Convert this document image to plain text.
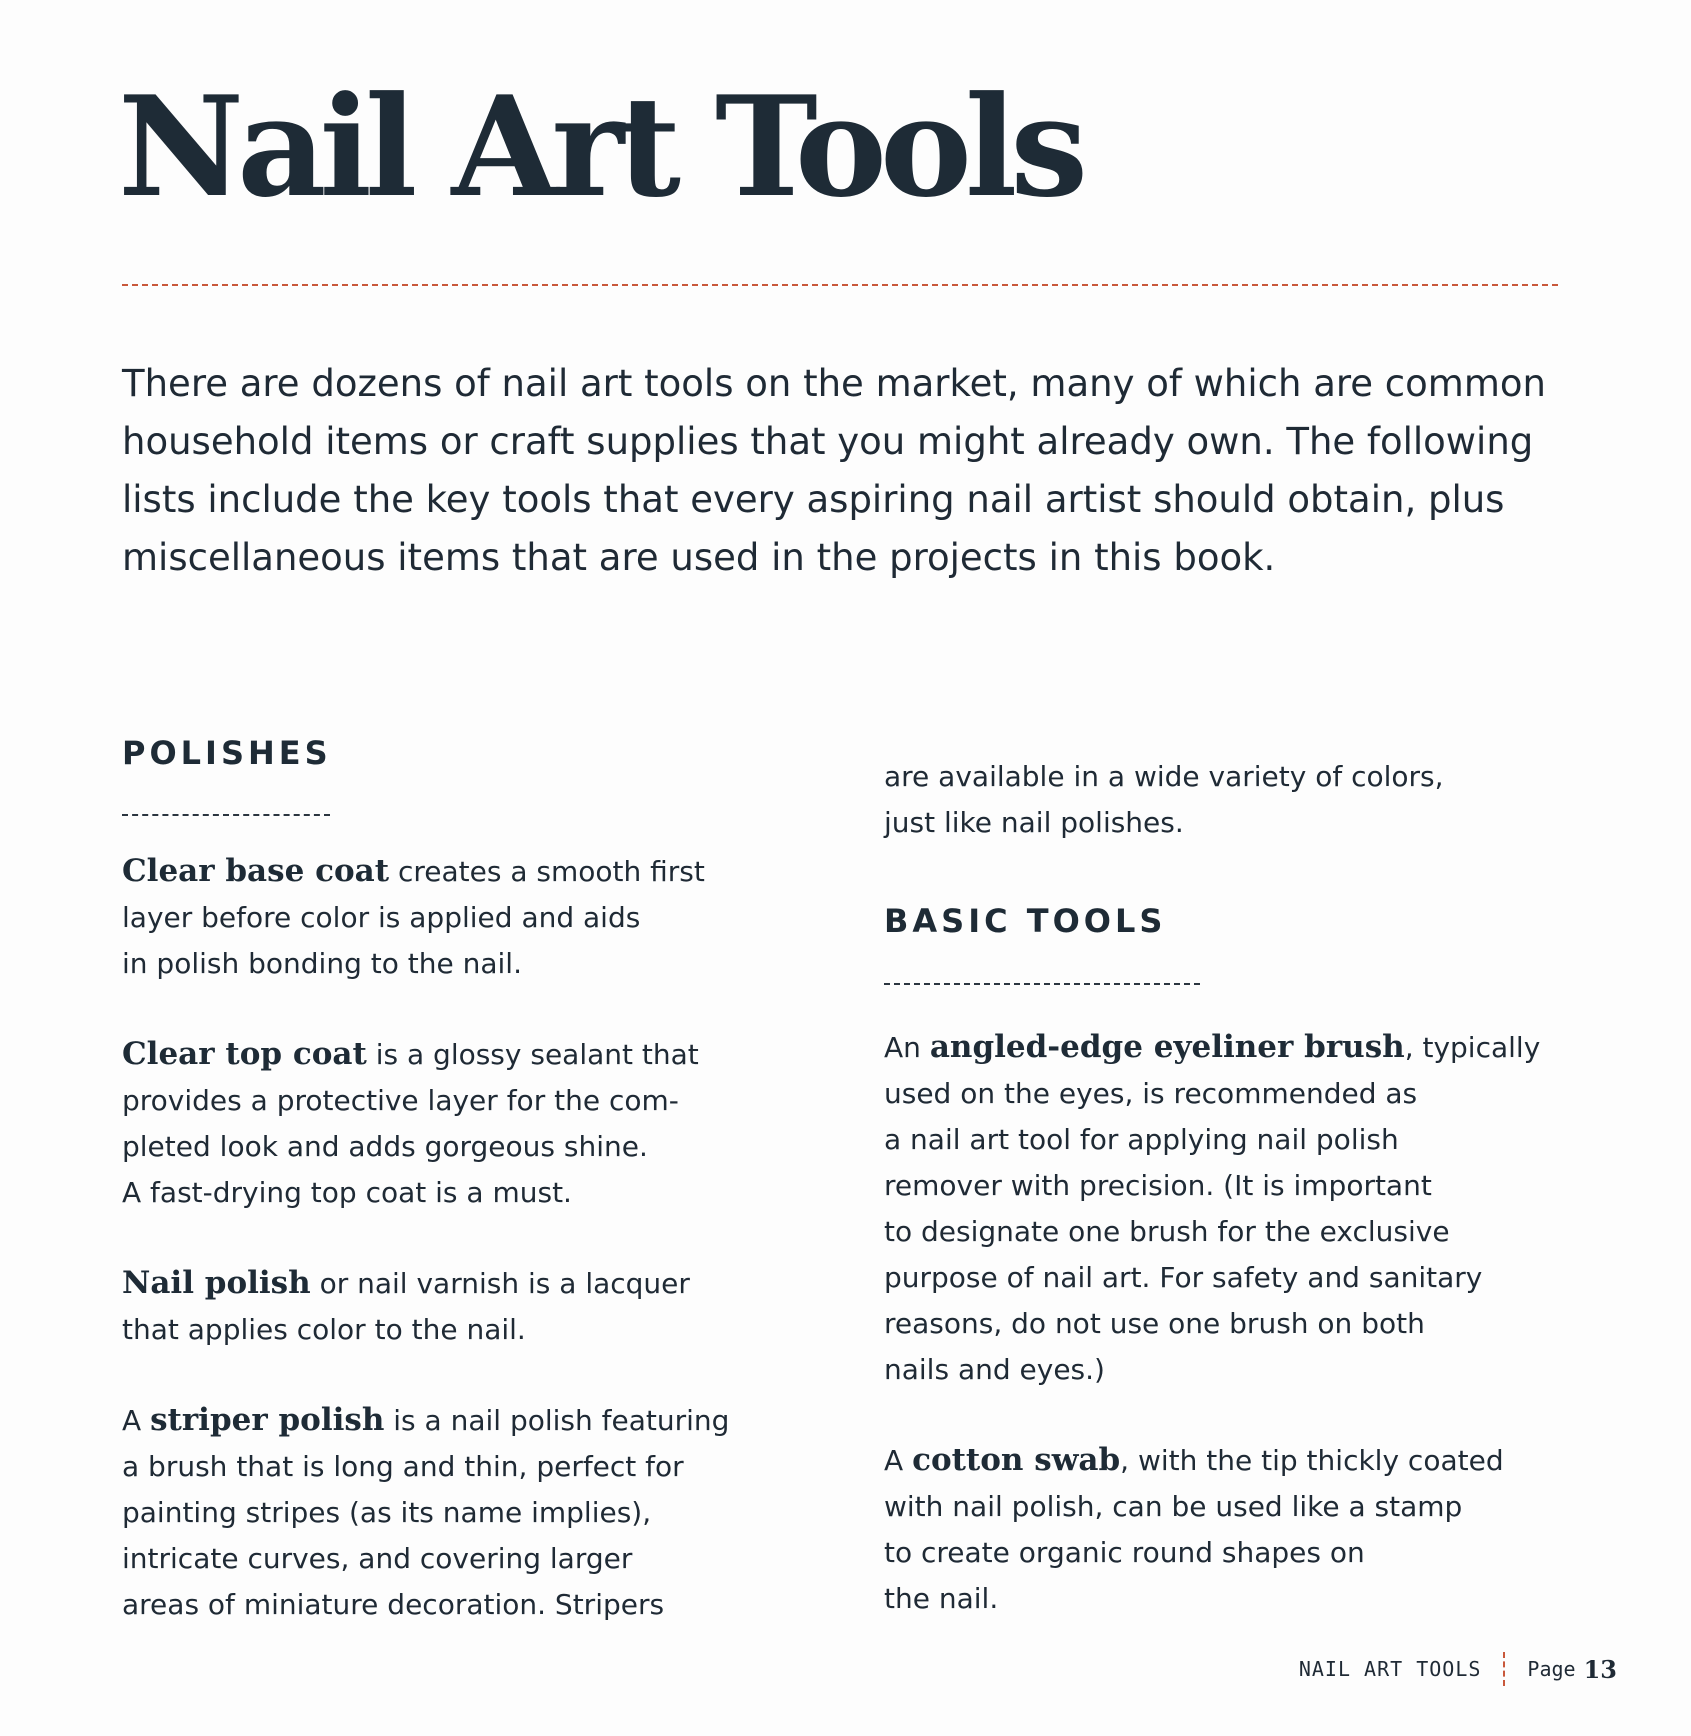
Nail Art Tools
There are dozens of nail art tools on the market, many of which are common
household items or craft supplies that you might already own. The following
lists include the key tools that every aspiring nail artist should obtain, plus
miscellaneous items that are used in the projects in this book.
POLISHES
Clear base coat creates a smooth first
layer before color is applied and aids
in polish bonding to the nail.
Clear top coat is a glossy sealant that
provides a protective layer for the com-
pleted look and adds gorgeous shine.
A fast-drying top coat is a must.
Nail polish or nail varnish is a lacquer
that applies color to the nail.
A striper polish is a nail polish featuring
a brush that is long and thin, perfect for
painting stripes (as its name implies),
intricate curves, and covering larger
areas of miniature decoration. Stripers
are available in a wide variety of colors,
just like nail polishes.
BASIC TOOLS
An angled-edge eyeliner brush, typically
used on the eyes, is recommended as
a nail art tool for applying nail polish
remover with precision. (It is important
to designate one brush for the exclusive
purpose of nail art. For safety and sanitary
reasons, do not use one brush on both
nails and eyes.)
A cotton swab, with the tip thickly coated
with nail polish, can be used like a stamp
to create organic round shapes on
the nail.
NAIL ART TOOLS Page 13
